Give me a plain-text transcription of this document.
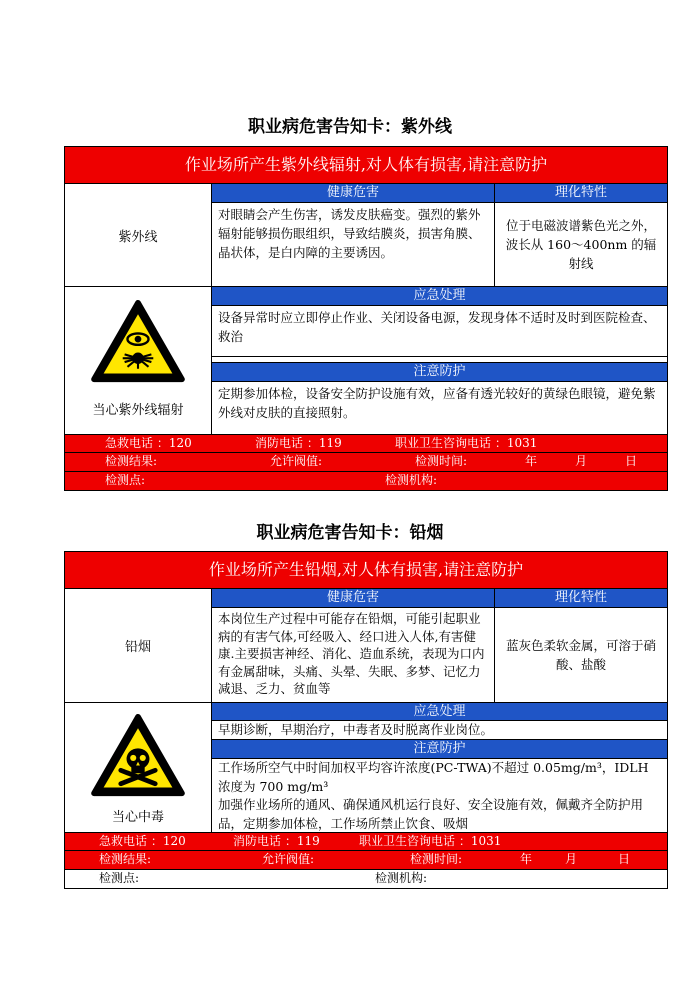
职业病危害告知卡：紫外线
作业场所产生紫外线辐射,对人体有损害,请注意防护
紫外线
健康危害
对眼睛会产生伤害，诱发皮肤癌变。强烈的紫外辐射能够损伤眼组织，导致结膜炎，损害角膜、晶状体，是白内障的主要诱因。
理化特性
位于电磁波谱紫色光之外，波长从 160～400nm 的辐射线
当心紫外线辐射
应急处理
设备异常时应立即停止作业、关闭设备电源，发现身体不适时及时到医院检查、救治
注意防护
定期参加体检，设备安全防护设施有效，应备有透光较好的黄绿色眼镜，避免紫外线对皮肤的直接照射。
急救电话 ：120	消防电话 ：119	职业卫生咨询电话 ：1031
检测结果:	允许阀值:	检测时间:	年	月	日
检测点:	检测机构:
职业病危害告知卡：铅烟
作业场所产生铅烟,对人体有损害,请注意防护
铅烟
健康危害
本岗位生产过程中可能存在铅烟，可能引起职业病的有害气体,可经吸入、经口进入人体,有害健康.主要损害神经、消化、造血系统，表现为口内有金属甜味，头痛、头晕、失眠、多梦、记忆力减退、乏力、贫血等
理化特性
蓝灰色柔软金属，可溶于硝酸、盐酸
当心中毒
应急处理
早期诊断，早期治疗，中毒者及时脱离作业岗位。
注意防护
工作场所空气中时间加权平均容许浓度(PC-TWA)不超过 0.05mg/m³，IDLH 浓度为 700 mg/m³
加强作业场所的通风、确保通风机运行良好、安全设施有效，佩戴齐全防护用品，定期参加体检，工作场所禁止饮食、吸烟
急救电话 ：120	消防电话 ：119	职业卫生咨询电话 ：1031
检测结果:	允许阀值:	检测时间:	年	月	日
检测点:	检测机构:
